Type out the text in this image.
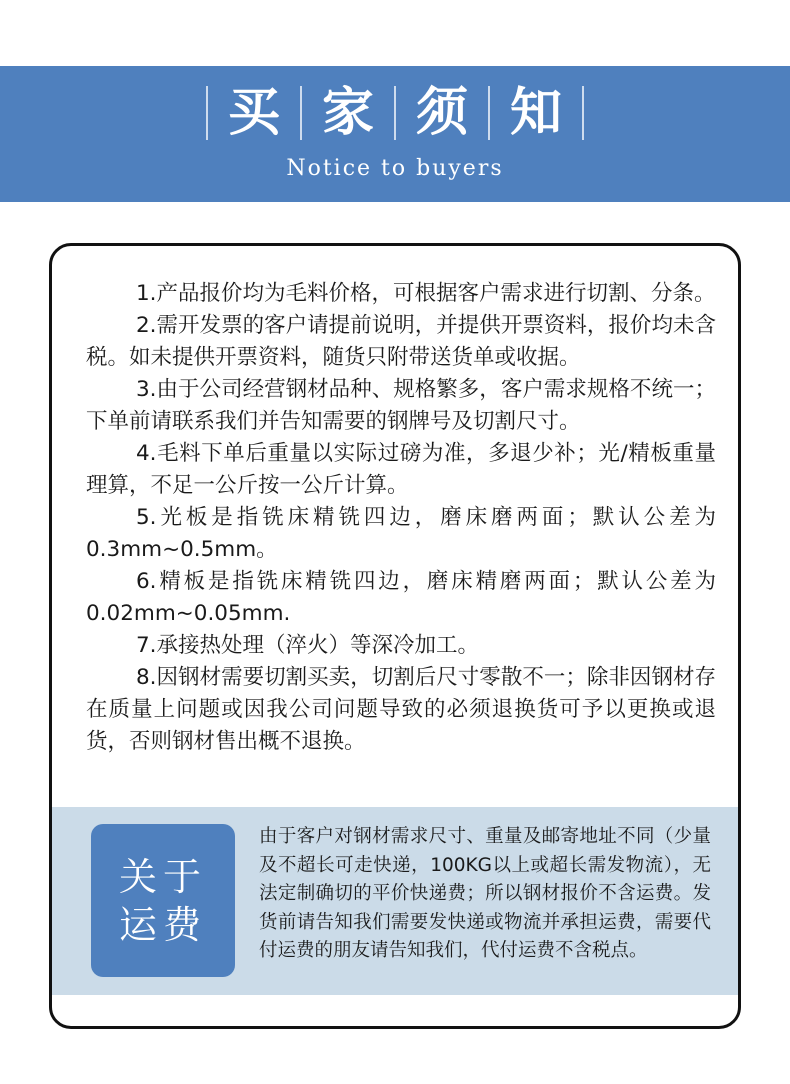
买 家 须 知
Notice to buyers

1.产品报价均为毛料价格，可根据客户需求进行切割、分条。

2.需开发票的客户请提前说明，并提供开票资料，报价均未含税。如未提供开票资料，随货只附带送货单或收据。

3.由于公司经营钢材品种、规格繁多，客户需求规格不统一；下单前请联系我们并告知需要的钢牌号及切割尺寸。

4.毛料下单后重量以实际过磅为准，多退少补；光/精板重量理算，不足一公斤按一公斤计算。

5.光板是指铣床精铣四边，磨床磨两面；默认公差为0.3mm~0.5mm。

6.精板是指铣床精铣四边，磨床精磨两面；默认公差为0.02mm~0.05mm.

7.承接热处理（淬火）等深冷加工。

8.因钢材需要切割买卖，切割后尺寸零散不一；除非因钢材存在质量上问题或因我公司问题导致的必须退换货可予以更换或退货，否则钢材售出概不退换。

关于
运费
由于客户对钢材需求尺寸、重量及邮寄地址不同（少量及不超长可走快递，100KG以上或超长需发物流），无法定制确切的平价快递费；所以钢材报价不含运费。发货前请告知我们需要发快递或物流并承担运费，需要代付运费的朋友请告知我们，代付运费不含税点。
